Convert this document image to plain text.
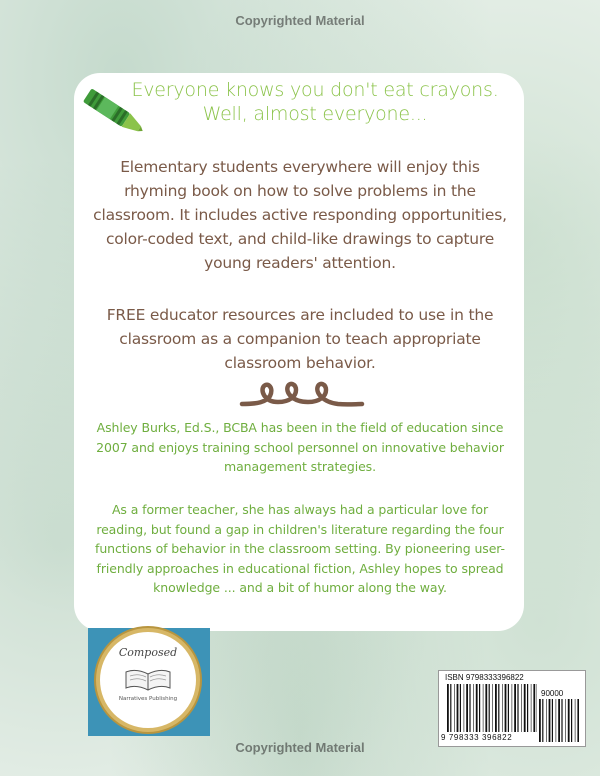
Copyrighted Material
Everyone knows you don't eat crayons.
Well, almost everyone...
Elementary students everywhere will enjoy this rhyming book on how to solve problems in the classroom. It includes active responding opportunities, color-coded text, and child-like drawings to capture young readers' attention.
FREE educator resources are included to use in the classroom as a companion to teach appropriate classroom behavior.
Ashley Burks, Ed.S., BCBA has been in the field of education since 2007 and enjoys training school personnel on innovative behavior management strategies.
As a former teacher, she has always had a particular love for reading, but found a gap in children's literature regarding the four functions of behavior in the classroom setting. By pioneering user-friendly approaches in educational fiction, Ashley hopes to spread knowledge ... and a bit of humor along the way.
Composed
Narratives Publishing
ISBN 9798333396822
90000
9 798333 396822
Copyrighted Material
